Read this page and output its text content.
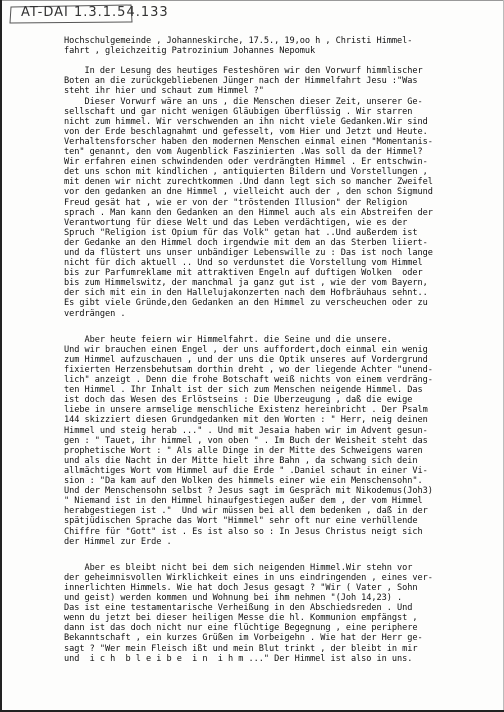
AT-DAI 1.3.1.54.133
Hochschulgemeinde , Johanneskirche, 17.5., 19,oo h , Christi Himmel-
fahrt , gleichzeitig Patrozinium Johannes Nepomuk
In der Lesung des heutiges Festeshören wir den Vorwurf himmlischer
Boten an die zurückgebliebenen Jünger nach der Himmelfahrt Jesu :"Was
steht ihr hier und schaut zum Himmel ?"
Dieser Vorwurf wäre an uns , die Menschen dieser Zeit, unserer Ge-
sellschaft und gar nicht wenigen Gläubigen überflüssig . Wir starren
nicht zum himmel. Wir verschwenden an ihn nicht viele Gedanken.Wir sind
von der Erde beschlagnahmt und gefesselt, vom Hier und Jetzt und Heute.
Verhaltensforscher haben den modernen Menschen einmal einen "Momentanis-
ten" genannt, den vom Augenblick Faszinierten .Was soll da der Himmel?
Wir erfahren einen schwindenden oder verdrängten Himmel . Er entschwin-
det uns schon mit kindlichen , antiquierten Bildern und Vorstellungen ,
mit denen wir nicht zurechtkommen .Und dann legt sich so mancher Zweifel
vor den gedanken an dne Himmel , vielleicht auch der , den schon Sigmund
Freud gesät hat , wie er von der "tröstenden Illusion" der Religion
sprach . Man kann den Gedanken an den Himmel auch als ein Abstreifen der
Verantwortung für diese Welt und das Leben verdächtigen, wie es der
Spruch "Religion ist Opium für das Volk" getan hat ..Und außerdem ist
der Gedanke an den Himmel doch irgendwie mit dem an das Sterben liiert-
und da flüstert uns unser unbändiger Lebenswille zu : Das ist noch lange
nicht für dich aktuell .. Und so verdunstet die Vorstellung vom Himmel
bis zur Parfumreklame mit attraktiven Engeln auf duftigen Wolken  oder
bis zum Himmelswitz, der manchmal ja ganz gut ist , wie der vom Bayern,
der sich mit ein in den Hallelujakonzerten nach dem Hofbräuhaus sehnt..
Es gibt viele Gründe,den Gedanken an den Himmel zu verscheuchen oder zu
verdrängen .
Aber heute feiern wir Himmelfahrt. die Seine und die unsere.
Und wir brauchen einen Engel , der uns auffordert,doch einmal ein wenig
zum Himmel aufzuschauen , und der uns die Optik unseres auf Vordergrund
fixierten Herzensbehutsam dorthin dreht , wo der liegende Achter "unend-
lich" anzeigt . Denn die frohe Botschaft weiß nichts von einem verdräng-
ten Himmel . Ihr Inhalt ist der sich zum Menschen neigende Himmel. Das
ist doch das Wesen des Erlöstseins : Die Überzeugung , daß die ewige
liebe in unsere armselige menschliche Existenz hereinbricht . Der Psalm
144 skizziert diesen Grundgedanken mit den Worten : " Herr, neig deinen
Himmel und steig herab ..." . Und mit Jesaia haben wir im Advent gesun-
gen : " Tauet, ihr himmel , von oben " . Im Buch der Weisheit steht das
prophetische Wort : " Als alle Dinge in der Mitte des Schweigens waren
und als die Nacht in der Mitte hielt ihre Bahn , da schwang sich dein
allmächtiges Wort vom Himmel auf die Erde " .Daniel schaut in einer Vi-
sion : "Da kam auf den Wolken des himmels einer wie ein Menschensohn".
Und der Menschensohn selbst ? Jesus sagt im Gespräch mit Nikodemus(Joh3)
" Niemand ist in den Himmel hinaufgestiegen außer dem , der vom Himmel
herabgestiegen ist ."  Und wir müssen bei all dem bedenken , daß in der
spätjüdischen Sprache das Wort "Himmel" sehr oft nur eine verhüllende
Chiffre für "Gott" ist . Es ist also so : In Jesus Christus neigt sich
der Himmel zur Erde .
Aber es bleibt nicht bei dem sich neigenden Himmel.Wir stehn vor
der geheimnisvollen Wirklichkeit eines in uns eindringenden , eines ver-
innerlichten Himmels. Wie hat doch Jesus gesagt ? "Wir ( Vater , Sohn
und geist) werden kommen und Wohnung bei ihm nehmen "(Joh 14,23) .
Das ist eine testamentarische Verheißung in den Abschiedsreden . Und
wenn du jetzt bei dieser heiligen Messe die hl. Kommunion empfängst ,
dann ist das doch nicht nur eine flüchtige Begegnung , eine periphere
Bekanntschaft , ein kurzes Grüßen im Vorbeigehn . Wie hat der Herr ge-
sagt ? "Wer mein Fleisch ißt und mein Blut trinkt , der bleibt in mir
und  i c h  b l e i b e  i n  i h m ..." Der Himmel ist also in uns.
